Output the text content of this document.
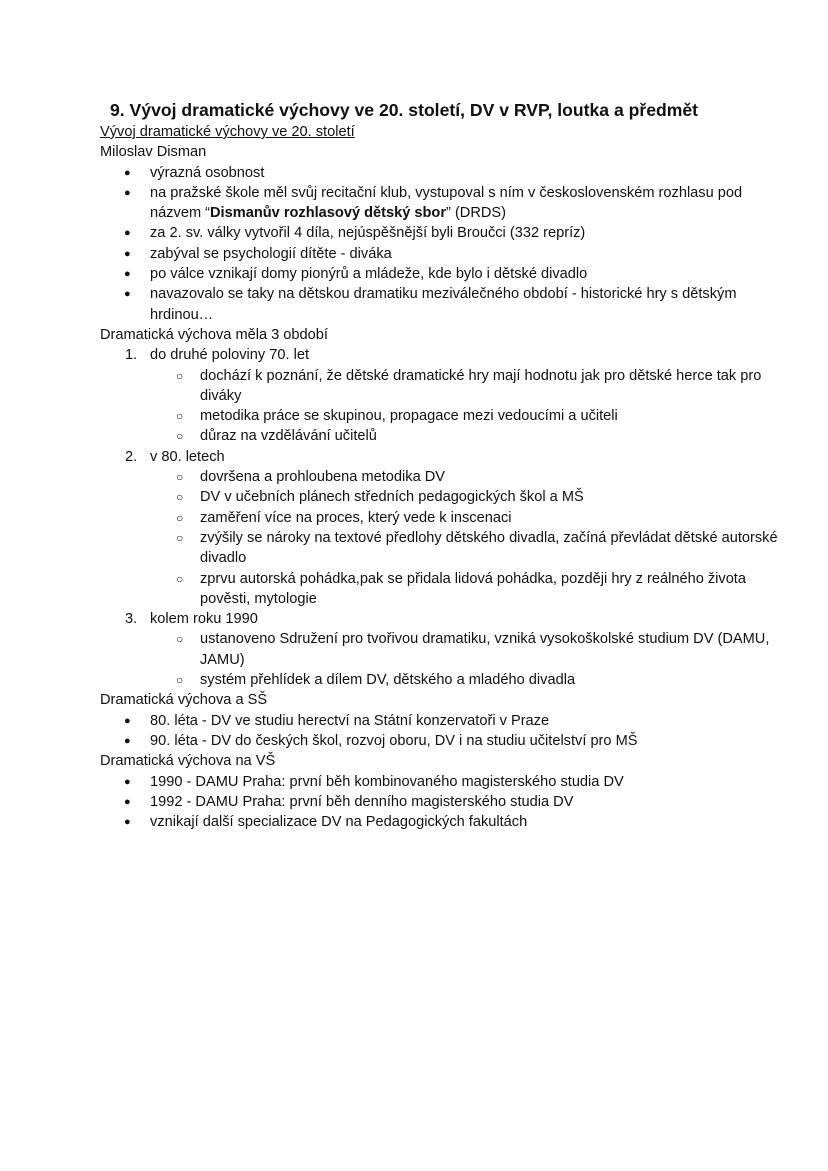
9. Vývoj dramatické výchovy ve 20. století, DV v RVP, loutka a předmět
Vývoj dramatické výchovy ve 20. století
Miloslav Disman
● výrazná osobnost
● na pražské škole měl svůj recitační klub, vystupoval s ním v československém rozhlasu pod názvem “Dismanův rozhlasový dětský sbor” (DRDS)
● za 2. sv. války vytvořil 4 díla, nejúspěšnější byli Broučci (332 repríz)
● zabýval se psychologií dítěte - diváka
● po válce vznikají domy pionýrů a mládeže, kde bylo i dětské divadlo
● navazovalo se taky na dětskou dramatiku meziválečného období - historické hry s dětským hrdinou…
Dramatická výchova měla 3 období
1. do druhé poloviny 70. let
○ dochází k poznání, že dětské dramatické hry mají hodnotu jak pro dětské herce tak pro diváky
○ metodika práce se skupinou, propagace mezi vedoucími a učiteli
○ důraz na vzdělávání učitelů
2. v 80. letech
○ dovršena a prohloubena metodika DV
○ DV v učebních plánech středních pedagogických škol a MŠ
○ zaměření více na proces, který vede k inscenaci
○ zvýšily se nároky na textové předlohy dětského divadla, začíná převládat dětské autorské divadlo
○ zprvu autorská pohádka,pak se přidala lidová pohádka, později hry z reálného života pověsti, mytologie
3. kolem roku 1990
○ ustanoveno Sdružení pro tvořivou dramatiku, vzniká vysokoškolské studium DV (DAMU, JAMU)
○ systém přehlídek a dílem DV, dětského a mladého divadla
Dramatická výchova a SŠ
● 80. léta - DV ve studiu herectví na Státní konzervatoři v Praze
● 90. léta - DV do českých škol, rozvoj oboru, DV i na studiu učitelství pro MŠ
Dramatická výchova na VŠ
● 1990 - DAMU Praha: první běh kombinovaného magisterského studia DV
● 1992 - DAMU Praha: první běh denního magisterského studia DV
● vznikají další specializace DV na Pedagogických fakultách
